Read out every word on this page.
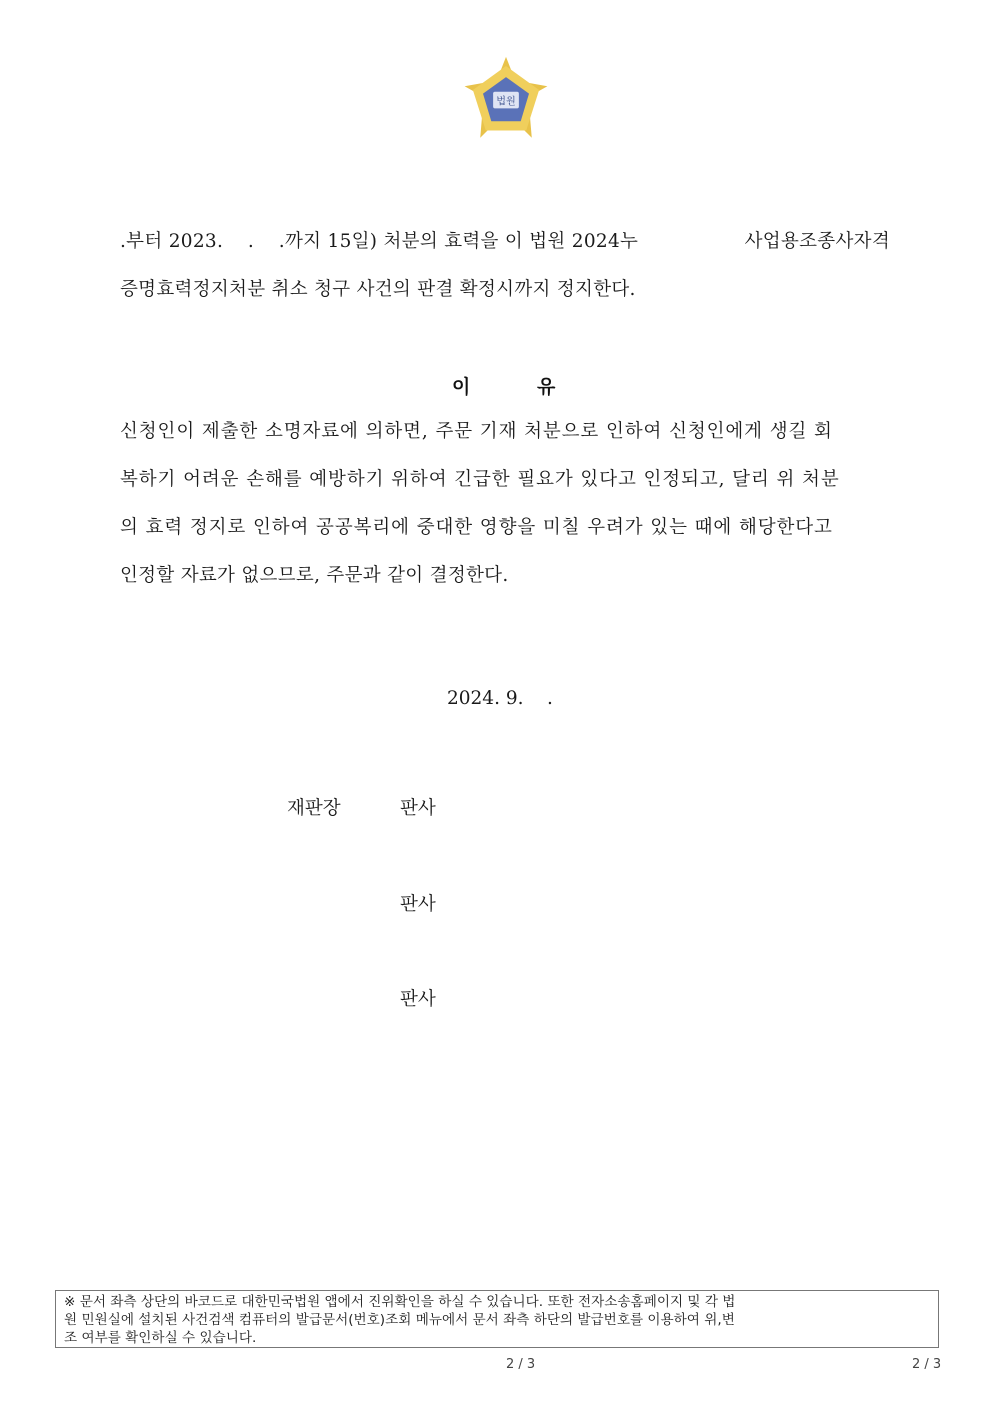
법원
.부터 2023.    .    .까지 15일) 처분의 효력을 이 법원 2024누	사업용조종사자격
증명효력정지처분 취소 청구 사건의 판결 확정시까지 정지한다.
이	유
신청인이 제출한 소명자료에 의하면, 주문 기재 처분으로 인하여 신청인에게 생길 회
복하기 어려운 손해를 예방하기 위하여 긴급한 필요가 있다고 인정되고, 달리 위 처분
의 효력 정지로 인하여 공공복리에 중대한 영향을 미칠 우려가 있는 때에 해당한다고
인정할 자료가 없으므로, 주문과 같이 결정한다.
2024. 9.    .
재판장	판사
판사
판사
※ 문서 좌측 상단의 바코드로 대한민국법원 앱에서 진위확인을 하실 수 있습니다. 또한 전자소송홈페이지 및 각 법
원 민원실에 설치된 사건검색 컴퓨터의 발급문서(번호)조회 메뉴에서 문서 좌측 하단의 발급번호를 이용하여 위,변
조 여부를 확인하실 수 있습니다.
2 / 3	2 / 3
